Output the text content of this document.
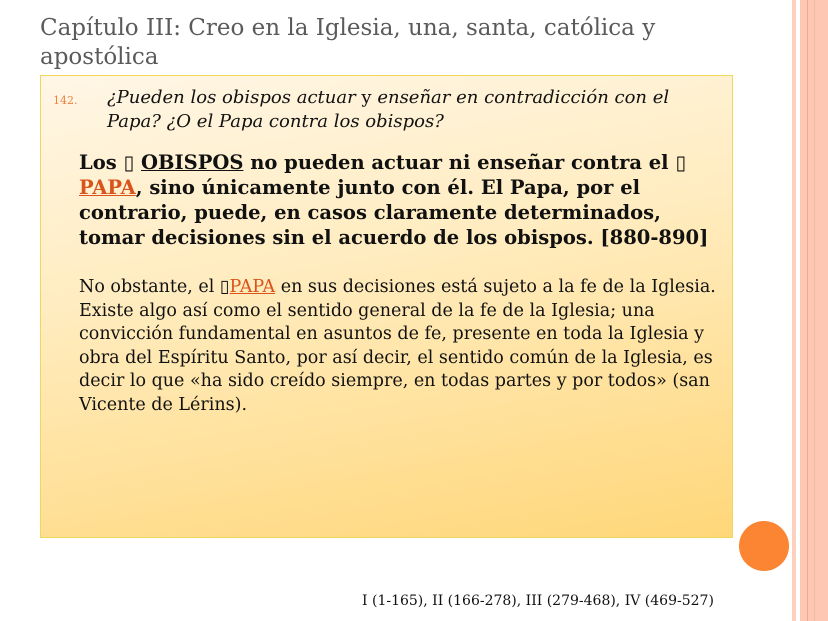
Capítulo III: Creo en la Iglesia, una, santa, católica y apostólica
142. ¿Pueden los obispos actuar y enseñar en contradicción con el Papa? ¿O el Papa contra los obispos?
Los ▯ OBISPOS no pueden actuar ni enseñar contra el ▯ PAPA, sino únicamente junto con él. El Papa, por el contrario, puede, en casos claramente determinados, tomar decisiones sin el acuerdo de los obispos. [880-890]
No obstante, el ▯PAPA en sus decisiones está sujeto a la fe de la Iglesia. Existe algo así como el sentido general de la fe de la Iglesia; una convicción fundamental en asuntos de fe, presente en toda la Iglesia y obra del Espíritu Santo, por así decir, el sentido común de la Iglesia, es decir lo que «ha sido creído siempre, en todas partes y por todos» (san Vicente de Lérins).
I (1-165), II (166-278), III (279-468), IV (469-527)
